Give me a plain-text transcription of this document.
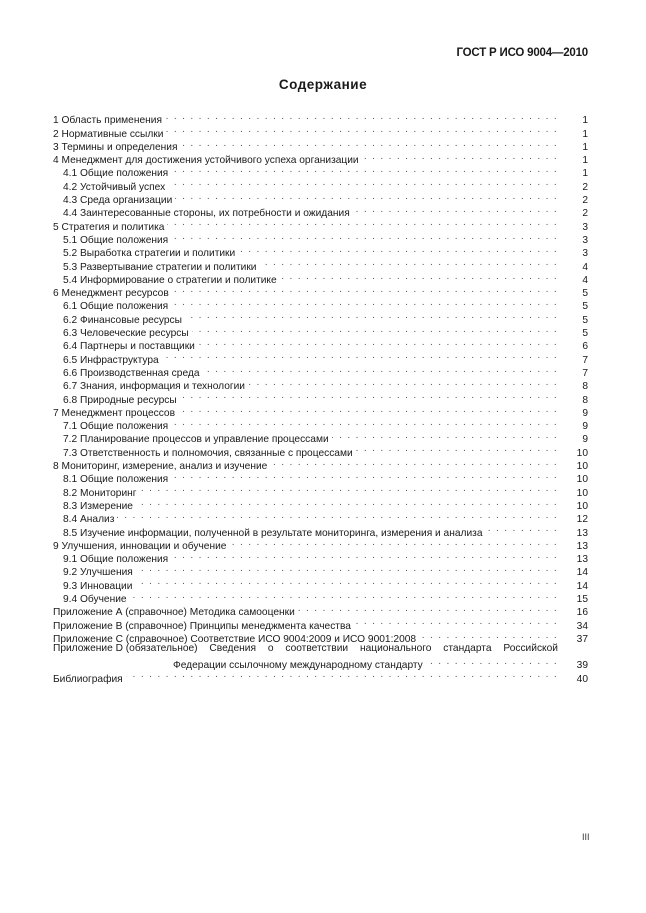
ГОСТ Р ИСО 9004—2010
Содержание
1 Область применения . . .	1
2 Нормативные ссылки . . .	1
3 Термины и определения . . .	1
4 Менеджмент для достижения устойчивого успеха организации . . .	1
4.1 Общие положения . . .	1
4.2 Устойчивый успех . . .	2
4.3 Среда организации . . .	2
4.4 Заинтересованные стороны, их потребности и ожидания . . .	2
5 Стратегия и политика . . .	3
5.1 Общие положения . . .	3
5.2 Выработка стратегии и политики . . .	3
5.3 Развертывание стратегии и политики . . .	4
5.4 Информирование о стратегии и политике . . .	4
6 Менеджмент ресурсов . . .	5
6.1 Общие положения . . .	5
6.2 Финансовые ресурсы . . .	5
6.3 Человеческие ресурсы . . .	5
6.4 Партнеры и поставщики . . .	6
6.5 Инфраструктура . . .	7
6.6 Производственная среда . . .	7
6.7 Знания, информация и технологии . . .	8
6.8 Природные ресурсы . . .	8
7 Менеджмент процессов . . .	9
7.1 Общие положения . . .	9
7.2 Планирование процессов и управление процессами . . .	9
7.3 Ответственность и полномочия, связанные с процессами . . .	10
8 Мониторинг, измерение, анализ и изучение . . .	10
8.1 Общие положения . . .	10
8.2 Мониторинг . . .	10
8.3 Измерение . . .	10
8.4 Анализ . . .	12
8.5 Изучение информации, полученной в результате мониторинга, измерения и анализа . . .	13
9 Улучшения, инновации и обучение . . .	13
9.1 Общие положения . . .	13
9.2 Улучшения . . .	14
9.3 Инновации . . .	14
9.4 Обучение . . .	15
Приложение А (справочное) Методика самооценки . . .	16
Приложение В (справочное) Принципы менеджмента качества . . .	34
Приложение С (справочное) Соответствие ИСО 9004:2009 и ИСО 9001:2008 . . .	37
Приложение D (обязательное) Сведения о соответствии национального стандарта Российской
Федерации ссылочному международному стандарту . . .	39
Библиография . . .	40
III
